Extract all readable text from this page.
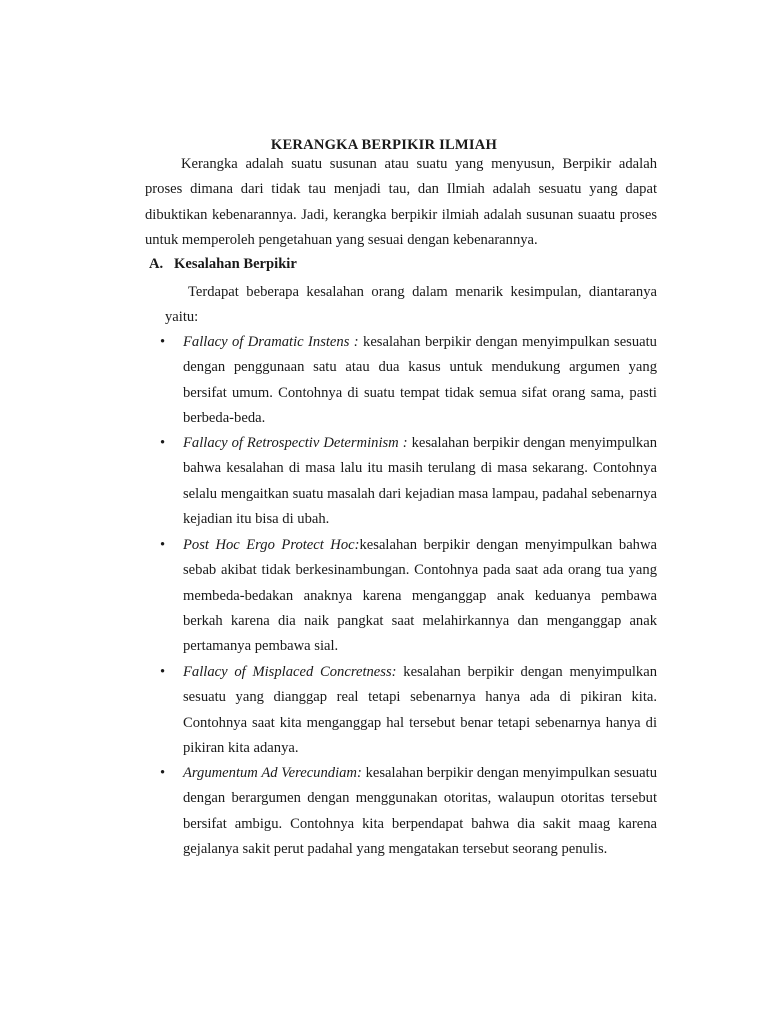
KERANGKA BERPIKIR ILMIAH

Kerangka adalah suatu susunan atau suatu yang menyusun, Berpikir adalah proses dimana dari tidak tau menjadi tau, dan Ilmiah adalah sesuatu yang dapat dibuktikan kebenarannya. Jadi, kerangka berpikir ilmiah adalah susunan suaatu proses untuk memperoleh pengetahuan yang sesuai dengan kebenarannya.

A. Kesalahan Berpikir

Terdapat beberapa kesalahan orang dalam menarik kesimpulan, diantaranya yaitu:

• Fallacy of Dramatic Instens : kesalahan berpikir dengan menyimpulkan sesuatu dengan penggunaan satu atau dua kasus untuk mendukung argumen yang bersifat umum. Contohnya di suatu tempat tidak semua sifat orang sama, pasti berbeda-beda.
• Fallacy of Retrospectiv Determinism : kesalahan berpikir dengan menyimpulkan bahwa kesalahan di masa lalu itu masih terulang di masa sekarang. Contohnya selalu mengaitkan suatu masalah dari kejadian masa lampau, padahal sebenarnya kejadian itu bisa di ubah.
• Post Hoc Ergo Protect Hoc:kesalahan berpikir dengan menyimpulkan bahwa sebab akibat tidak berkesinambungan. Contohnya pada saat ada orang tua yang membeda-bedakan anaknya karena menganggap anak keduanya pembawa berkah karena dia naik pangkat saat melahirkannya dan menganggap anak pertamanya pembawa sial.
• Fallacy of Misplaced Concretness: kesalahan berpikir dengan menyimpulkan sesuatu yang dianggap real tetapi sebenarnya hanya ada di pikiran kita. Contohnya saat kita menganggap hal tersebut benar tetapi sebenarnya hanya di pikiran kita adanya.
• Argumentum Ad Verecundiam: kesalahan berpikir dengan menyimpulkan sesuatu dengan berargumen dengan menggunakan otoritas, walaupun otoritas tersebut bersifat ambigu. Contohnya kita berpendapat bahwa dia sakit maag karena gejalanya sakit perut padahal yang mengatakan tersebut seorang penulis.
